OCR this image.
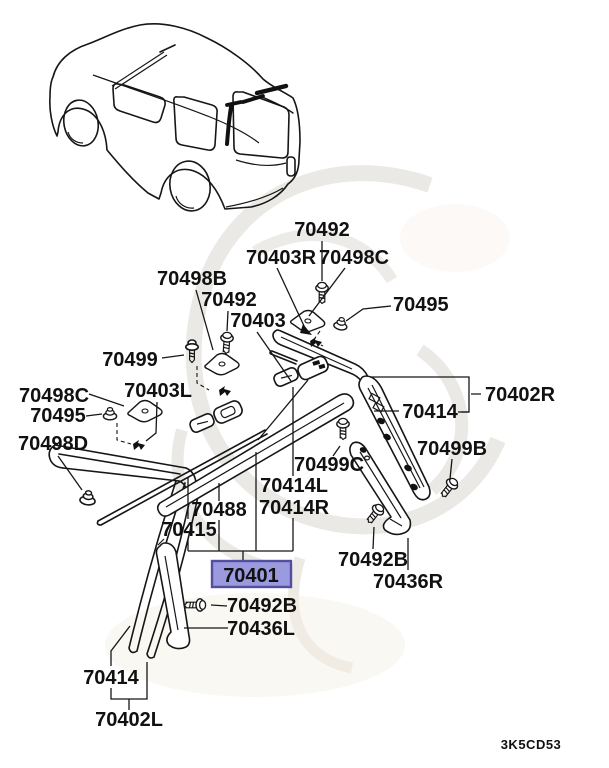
70492
70403R 70498C
70495
70498B
70492
70403
70499
70403L
70498C
70495
70498D
70402R
70414
70499B
70499C
70414L
70414R
70488
70415
70492B
70436R
70492B
70436L
70414
70402L
70401
3K5CD53
